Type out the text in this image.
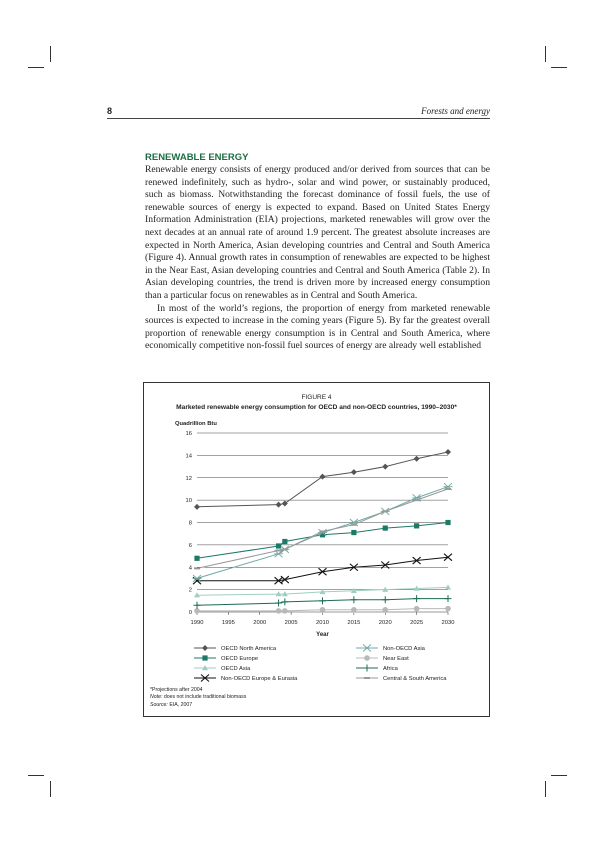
8	Forests and energy
RENEWABLE ENERGY

Renewable energy consists of energy produced and/or derived from sources that can be renewed indefinitely, such as hydro-, solar and wind power, or sustainably produced, such as biomass. Notwithstanding the forecast dominance of fossil fuels, the use of renewable sources of energy is expected to expand. Based on United States Energy Information Administration (EIA) projections, marketed renewables will grow over the next decades at an annual rate of around 1.9 percent. The greatest absolute increases are expected in North America, Asian developing countries and Central and South America (Figure 4). Annual growth rates in consumption of renewables are expected to be highest in the Near East, Asian developing countries and Central and South America (Table 2). In Asian developing countries, the trend is driven more by increased energy consumption than a particular focus on renewables as in Central and South America.

In most of the world’s regions, the proportion of energy from marketed renewable sources is expected to increase in the coming years (Figure 5). By far the greatest overall proportion of renewable energy consumption is in Central and South America, where economically competitive non-fossil fuel sources of energy are already well established

FIGURE 4
Marketed renewable energy consumption for OECD and non-OECD countries, 1990–2030*
0
2
4
6
8
10
12
14
16
1990	1995	2000	2005	2010	2015	2020	2025	2030
Year
Quadrillion Btu
OECD North America
OECD Europe
OECD Asia
Non-OECD Europe & Eurasia
Non-OECD Asia
Near East
Africa
Central & South America
*Projections after 2004
Note: does not include traditional biomass
Source: EIA, 2007
